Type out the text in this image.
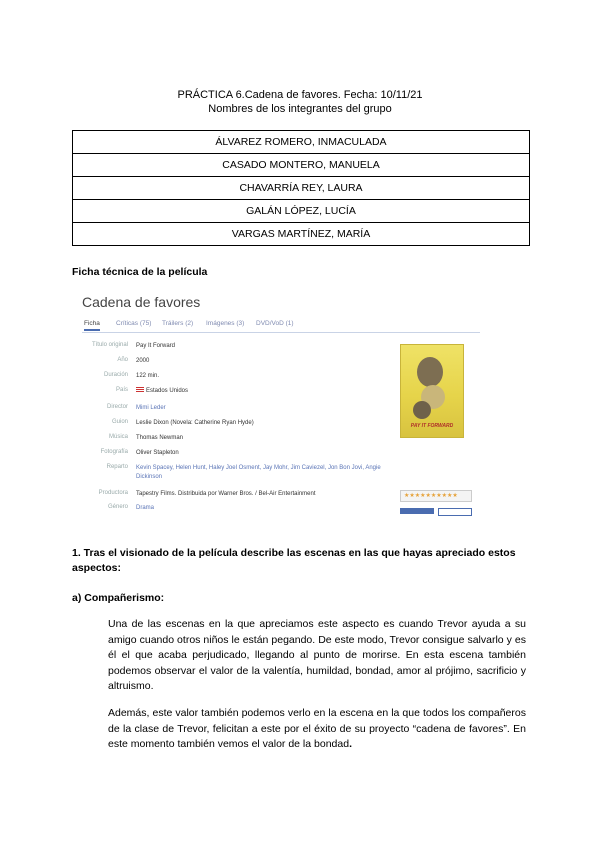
PRÁCTICA 6.Cadena de favores. Fecha: 10/11/21
Nombres de los integrantes del grupo
ÁLVAREZ ROMERO, INMACULADA
CASADO MONTERO, MANUELA
CHAVARRÍA REY, LAURA
GALÁN LÓPEZ, LUCÍA
VARGAS MARTÍNEZ, MARÍA
Ficha técnica de la película
Cadena de favores
Ficha Críticas (75) Tráilers (2) Imágenes (3) DVD/VoD (1)
Título original Pay It Forward
Año 2000
Duración 122 min.
País	Estados Unidos
Director Mimi Leder
Guion Leslie Dixon (Novela: Catherine Ryan Hyde)
Música Thomas Newman
Fotografía Oliver Stapleton
Reparto Kevin Spacey, Helen Hunt, Haley Joel Osment, Jay Mohr, Jim Caviezel, Jon Bon Jovi, Angie Dickinson
Productora Tapestry Films. Distribuida por Warner Bros. / Bel-Air Entertainment
Género Drama
PAY IT FORWARD
★★★★★★★★★★
1. Tras el visionado de la película describe las escenas en las que hayas apreciado estos aspectos:
a) Compañerismo:

Una de las escenas en la que apreciamos este aspecto es cuando Trevor ayuda a su amigo cuando otros niños le están pegando. De este modo, Trevor consigue salvarlo y es él el que acaba perjudicado, llegando al punto de morirse. En esta escena también podemos observar el valor de la valentía, humildad, bondad, amor al prójimo, sacrificio y altruismo.

Además, este valor también podemos verlo en la escena en la que todos los compañeros de la clase de Trevor, felicitan a este por el éxito de su proyecto “cadena de favores”. En este momento también vemos el valor de la bondad.
